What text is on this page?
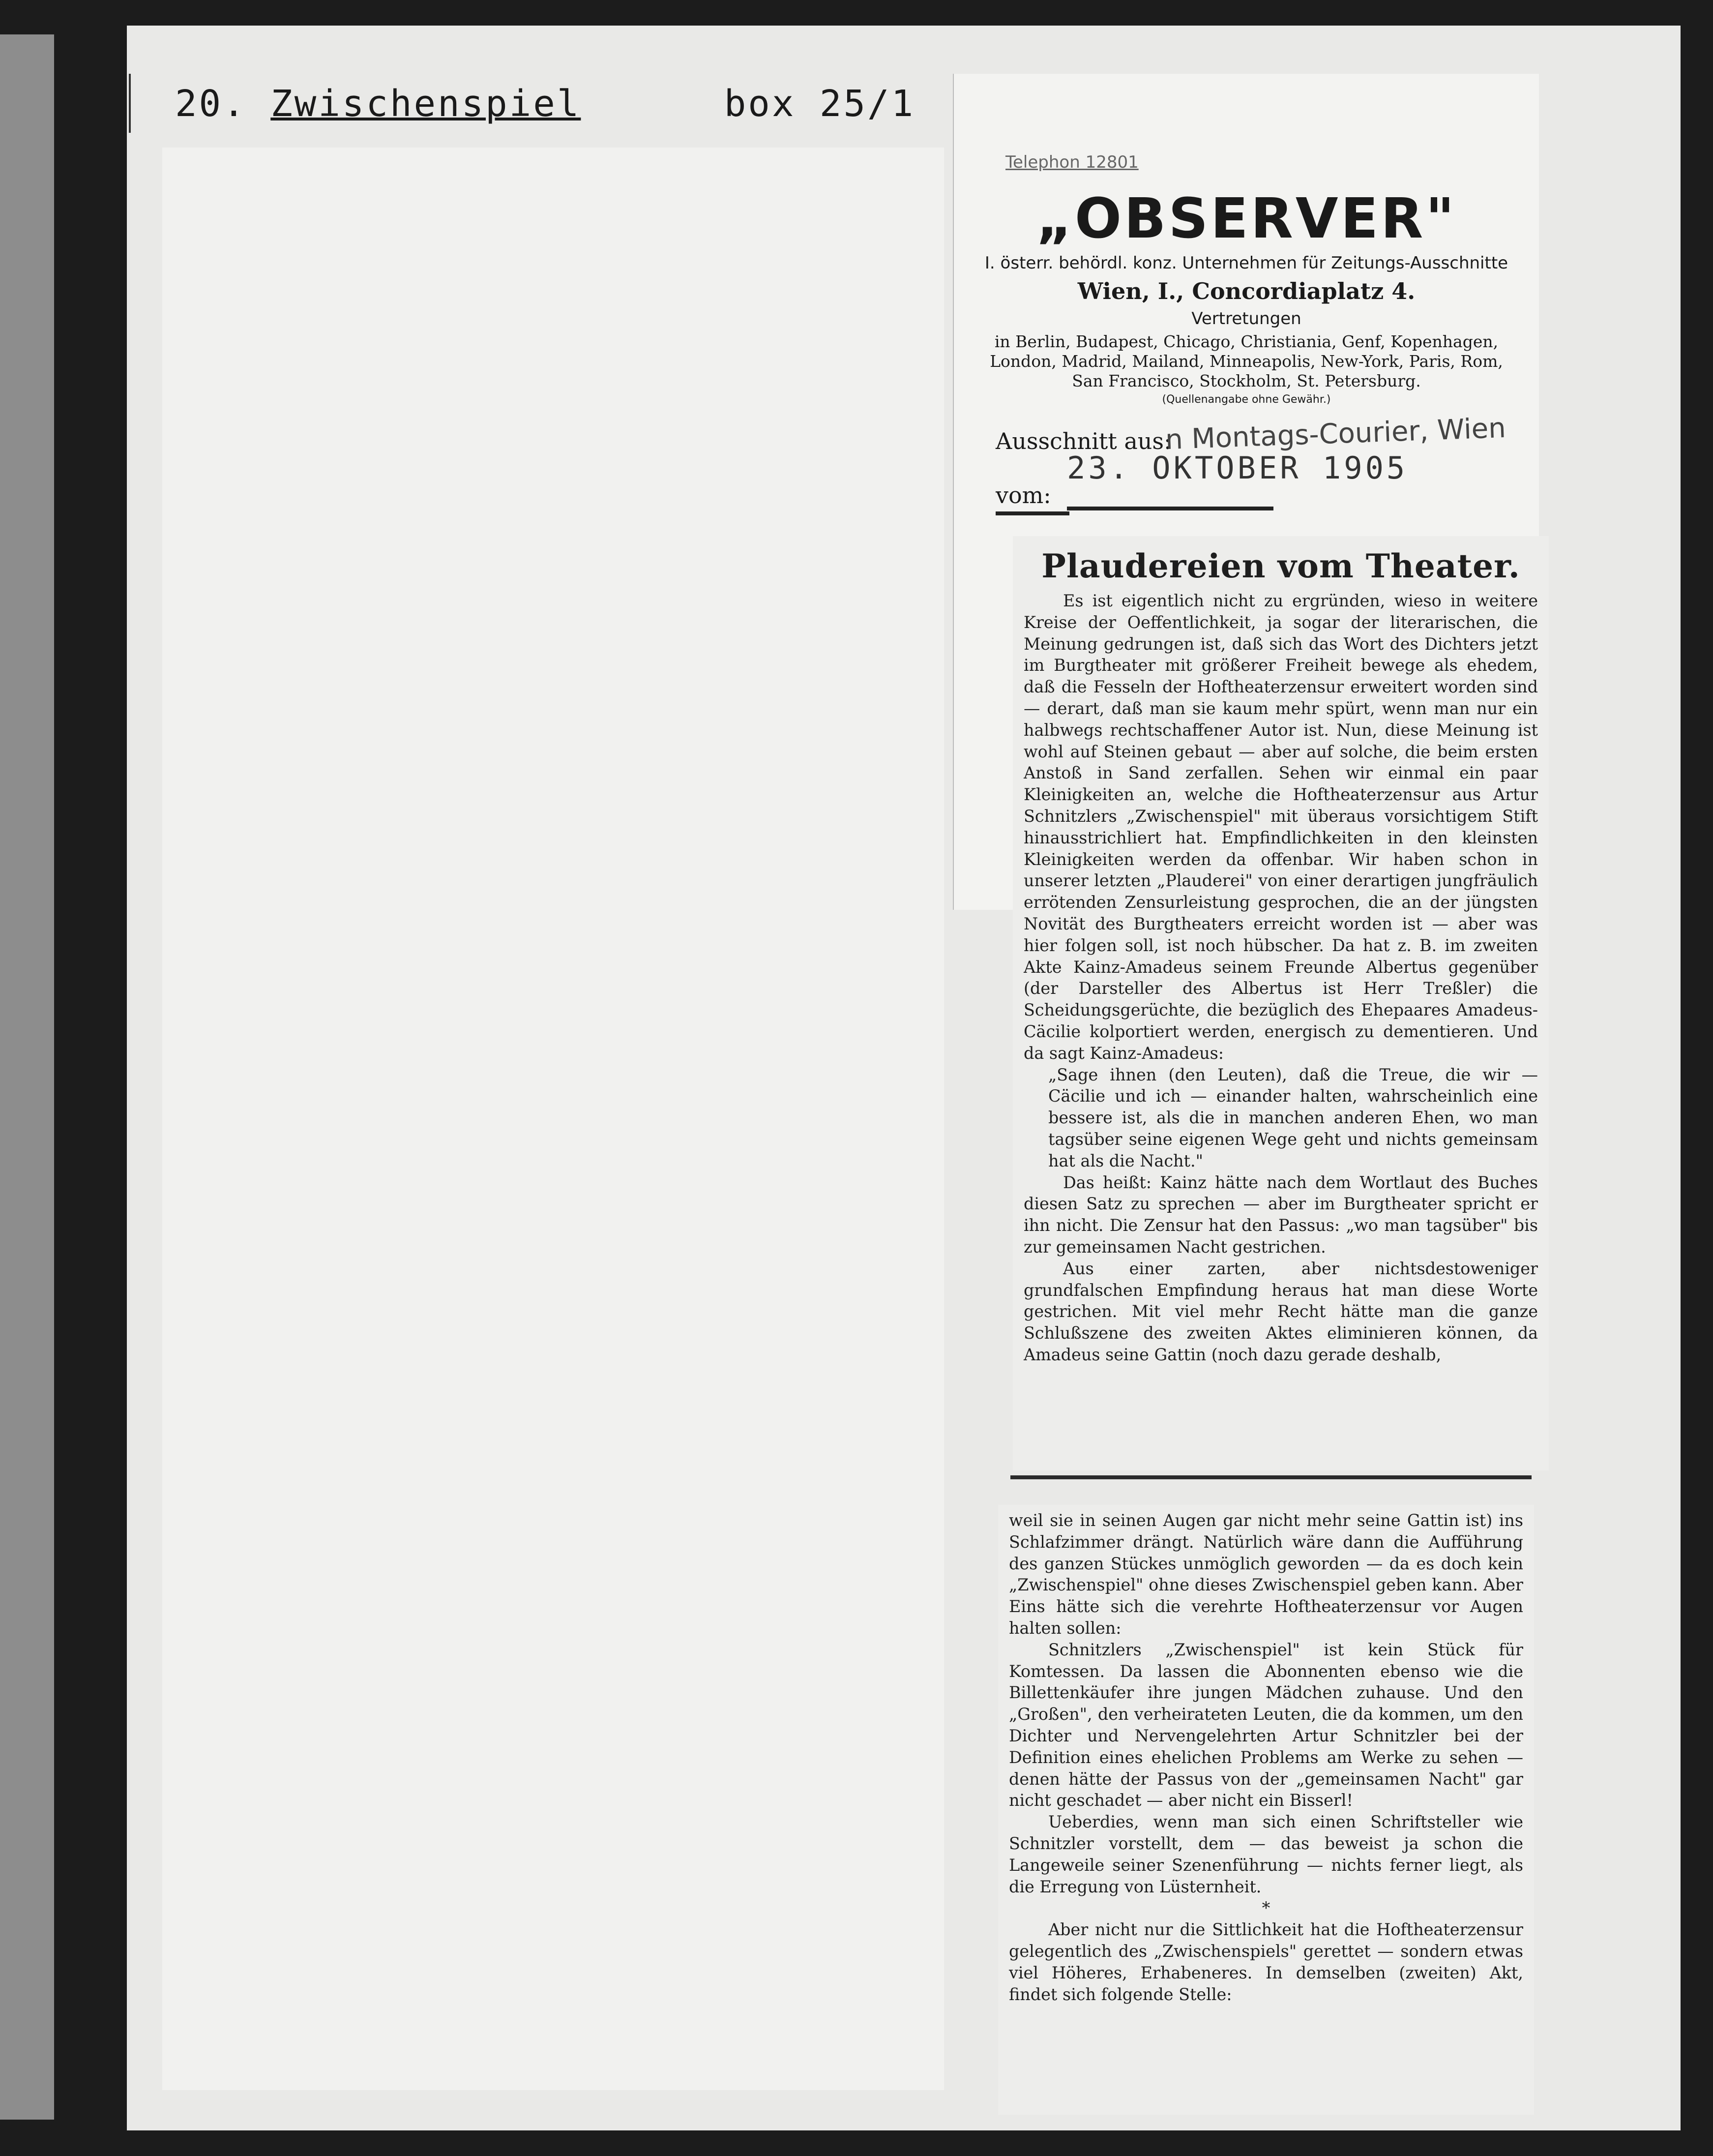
20. Zwischenspiel	box 25/1
Telephon 12801
„OBSERVER"
I. österr. behördl. konz. Unternehmen für Zeitungs-Ausschnitte
Wien, I., Concordiaplatz 4.
Vertretungen
in Berlin, Budapest, Chicago, Christiania, Genf, Kopenhagen,
London, Madrid, Mailand, Minneapolis, New-York, Paris, Rom,
San Francisco, Stockholm, St. Petersburg.
(Quellenangabe ohne Gewähr.)
Ausschnitt aus:
n Montags-Courier, Wien
23. OKTOBER 1905
vom:
Plaudereien vom Theater.

Es ist eigentlich nicht zu ergründen, wieso in weitere Kreise der Oeffentlichkeit, ja sogar der literarischen, die Meinung gedrungen ist, daß sich das Wort des Dichters jetzt im Burgtheater mit größerer Freiheit bewege als ehedem, daß die Fesseln der Hoftheaterzensur erweitert worden sind — derart, daß man sie kaum mehr spürt, wenn man nur ein halbwegs rechtschaffener Autor ist. Nun, diese Meinung ist wohl auf Steinen gebaut — aber auf solche, die beim ersten Anstoß in Sand zerfallen. Sehen wir einmal ein paar Kleinigkeiten an, welche die Hoftheaterzensur aus Artur Schnitzlers „Zwischenspiel" mit überaus vorsichtigem Stift hinausstrichliert hat. Empfindlichkeiten in den kleinsten Kleinigkeiten werden da offenbar. Wir haben schon in unserer letzten „Plauderei" von einer derartigen jungfräulich errötenden Zensurleistung gesprochen, die an der jüngsten Novität des Burgtheaters erreicht worden ist — aber was hier folgen soll, ist noch hübscher. Da hat z. B. im zweiten Akte Kainz-Amadeus seinem Freunde Albertus gegenüber (der Darsteller des Albertus ist Herr Treßler) die Scheidungsgerüchte, die bezüglich des Ehepaares Amadeus-Cäcilie kolportiert werden, energisch zu dementieren. Und da sagt Kainz-Amadeus:

„Sage ihnen (den Leuten), daß die Treue, die wir — Cäcilie und ich — einander halten, wahrscheinlich eine bessere ist, als die in manchen anderen Ehen, wo man tagsüber seine eigenen Wege geht und nichts gemeinsam hat als die Nacht."

Das heißt: Kainz hätte nach dem Wortlaut des Buches diesen Satz zu sprechen — aber im Burgtheater spricht er ihn nicht. Die Zensur hat den Passus: „wo man tagsüber" bis zur gemeinsamen Nacht gestrichen.

Aus einer zarten, aber nichtsdestoweniger grundfalschen Empfindung heraus hat man diese Worte gestrichen. Mit viel mehr Recht hätte man die ganze Schlußszene des zweiten Aktes eliminieren können, da Amadeus seine Gattin (noch dazu gerade deshalb,

weil sie in seinen Augen gar nicht mehr seine Gattin ist) ins Schlafzimmer drängt. Natürlich wäre dann die Aufführung des ganzen Stückes unmöglich geworden — da es doch kein „Zwischenspiel" ohne dieses Zwischenspiel geben kann. Aber Eins hätte sich die verehrte Hoftheaterzensur vor Augen halten sollen:

Schnitzlers „Zwischenspiel" ist kein Stück für Komtessen. Da lassen die Abonnenten ebenso wie die Billettenkäufer ihre jungen Mädchen zuhause. Und den „Großen", den verheirateten Leuten, die da kommen, um den Dichter und Nervengelehrten Artur Schnitzler bei der Definition eines ehelichen Problems am Werke zu sehen — denen hätte der Passus von der „gemeinsamen Nacht" gar nicht geschadet — aber nicht ein Bisserl!

Ueberdies, wenn man sich einen Schriftsteller wie Schnitzler vorstellt, dem — das beweist ja schon die Langeweile seiner Szenenführung — nichts ferner liegt, als die Erregung von Lüsternheit.

*

Aber nicht nur die Sittlichkeit hat die Hoftheaterzensur gelegentlich des „Zwischenspiels" gerettet — sondern etwas viel Höheres, Erhabeneres. In demselben (zweiten) Akt, findet sich folgende Stelle:
